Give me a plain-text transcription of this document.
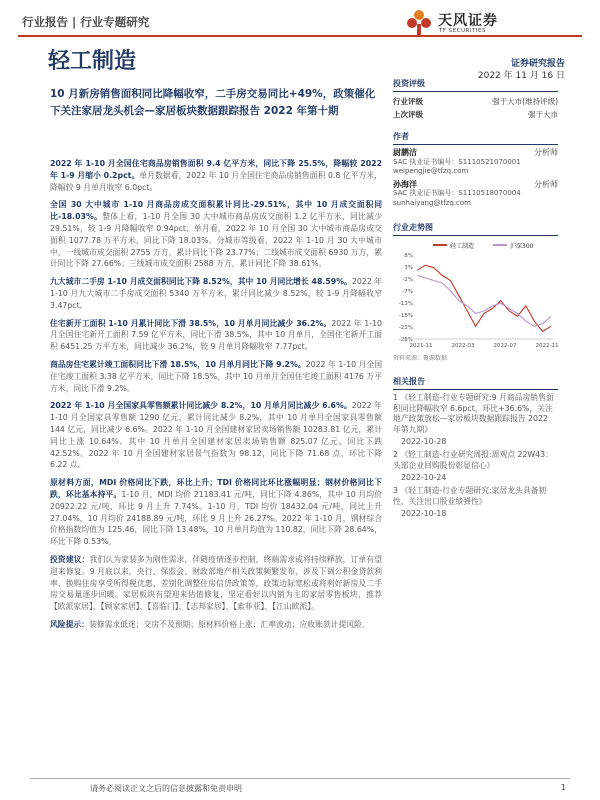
行业报告 | 行业专题研究	天风证券
TF SECURITIES
轻工制造	证券研究报告
2022 年 11 月 16 日
10 月新房销售面积同比降幅收窄，二手房交易同比+49%，政策催化下关注家居龙头机会—家居板块数据跟踪报告 2022 年第十期
2022 年 1-10 月全国住宅商品房销售面积 9.4 亿平方米，同比下降 25.5%，降幅较 2022 年 1-9 月缩小 0.2pct。单月数据看，2022 年 10 月全国住宅商品房销售面积 0.8 亿平方米，降幅较 9 月单月收窄 6.0pct。
全国 30 大中城市 1-10 月商品房成交面积累计同比-29.51%，其中 10 月成交面积同比-18.03%。整体上看，1-10 月全国 30 大中城市商品房成交面积 1.2 亿平方米，同比减少 29.51%，较 1-9 月降幅收窄 0.94pct；单月看，2022 年 10 月全国 30 大中城市商品房成交面积 1077.78 万平方米，同比下降 18.03%。分城市等级看，2022 年 1-10 月 30 大中城市中，一线城市成交面积 2755 万方，累计同比下降 23.77%；二线城市成交面积 6930 万方，累计同比下降 27.66%；三线城市成交面积 2588 万方，累计同比下降 38.61%。
九大城市二手房 1-10 月成交面积同比下降 8.52%，其中 10 月同比增长 48.59%。2022 年 1-10 月九大城市二手房成交面积 5340 万平方米，累计同比减少 8.52%，较 1-9 月降幅收窄 3.47pct。
住宅新开工面积 1-10 月累计同比下滑 38.5%，10 月单月同比减少 36.2%。2022 年 1-10 月全国住宅新开工面积 7.59 亿平方米，同比下滑 38.5%，其中 10 月单月，全国住宅新开工面积 6451.25 万平方米，同比减少 36.2%，较 9 月单月降幅收窄 7.77pct。
商品房住宅累计竣工面积同比下滑 18.5%，10 月单月同比下降 9.2%。2022 年 1-10 月全国住宅竣工面积 3.38 亿平方米，同比下降 18.5%，其中 10 月单月全国住宅竣工面积 4176 万平方米，同比下滑 9.2%。
2022 年 1-10 月全国家具零售额累计同比减少 8.2%，10 月单月同比减少 6.6%。2022 年 1-10 月全国家具零售额 1290 亿元，累计同比减少 8.2%，其中 10 月单月全国家具零售额 144 亿元，同比减少 6.6%。2022 年 1-10 月全国建材家居卖场销售额 10283.81 亿元，累计同比上涨 10.64%。其中 10 月单月全国建材家居卖场销售额 825.07 亿元，同比下跌 42.52%。2022 年 10 月全国建材家居景气指数为 98.12，同比下降 71.68 点，环比下降 6.22 点。
原材料方面，MDI 价格同比下跌，环比上升；TDI 价格同比环比涨幅明显；钢材价格同比下跌，环比基本持平。1-10 月，MDI 均价 21183.41 元/吨，同比下降 4.86%，其中 10 月均价 20922.22 元/吨，环比 9 月上升 7.74%。1-10 月，TDI 均价 18432.04 元/吨，同比上升 27.04%，10 月均价 24188.89 元/吨，环比 9 月上升 26.27%。2022 年 1-10 月，钢材综合价格指数均值为 125.46，同比下降 13.48%，10 月单月均值为 110.82，同比下降 28.64%，环比下降 0.53%。
投资建议：我们认为家装多为刚性需求，伴随疫情逐步控制，终端需求或将持续释放，订单有望迎来修复。9 月底以来，央行、保监会、财政部地产相关政策频繁发布，涉及下调公积金贷款利率、换购住房享受所得税优惠、差别化调整住房信贷政策等，政策边际宽松或将利好新房及二手房交易量逐步回暖。家居板块有望迎来估值修复，坚定看好以内销为主的家居零售板块，推荐【欧派家居】、【顾家家居】、【喜临门】、【志邦家居】、【索菲亚】、【江山欧派】。
风险提示：装修需求低迷；交房不及预期；原材料价格上涨；汇率波动；应收账款计提风险。
投资评级
行业评级	强于大市(维持评级)
上次评级	强于大市
作者
尉鹏洁	分析师
SAC 执业证书编号：S1110521070001
weipengjie@tfzq.com
孙海洋	分析师
SAC 执业证书编号：S1110518070004
sunhaiyang@tfzq.com
行业走势图
轻工制造	沪深300
8%
3%
-2%
-7%
-13%
-18%
-23%
-28%
2021-11	2022-03	2022-07	2022-11
资料来源：聚源数据
相关报告
1 《轻工制造-行业专题研究:9 月商品房销售面积同比降幅收窄 6.6pct，环比+36.6%，关注地产政策放松—家居板块数据跟踪报告 2022 年第九期》
2022-10-28
2 《轻工制造-行业研究周报:周观点 22W43：头部企业回购股份彰显信心》
2022-10-24
3 《轻工制造-行业专题研究:家居龙头具备韧性，关注出口股业绩弹性》
2022-10-18
请务必阅读正文之后的信息披露和免责申明	1
